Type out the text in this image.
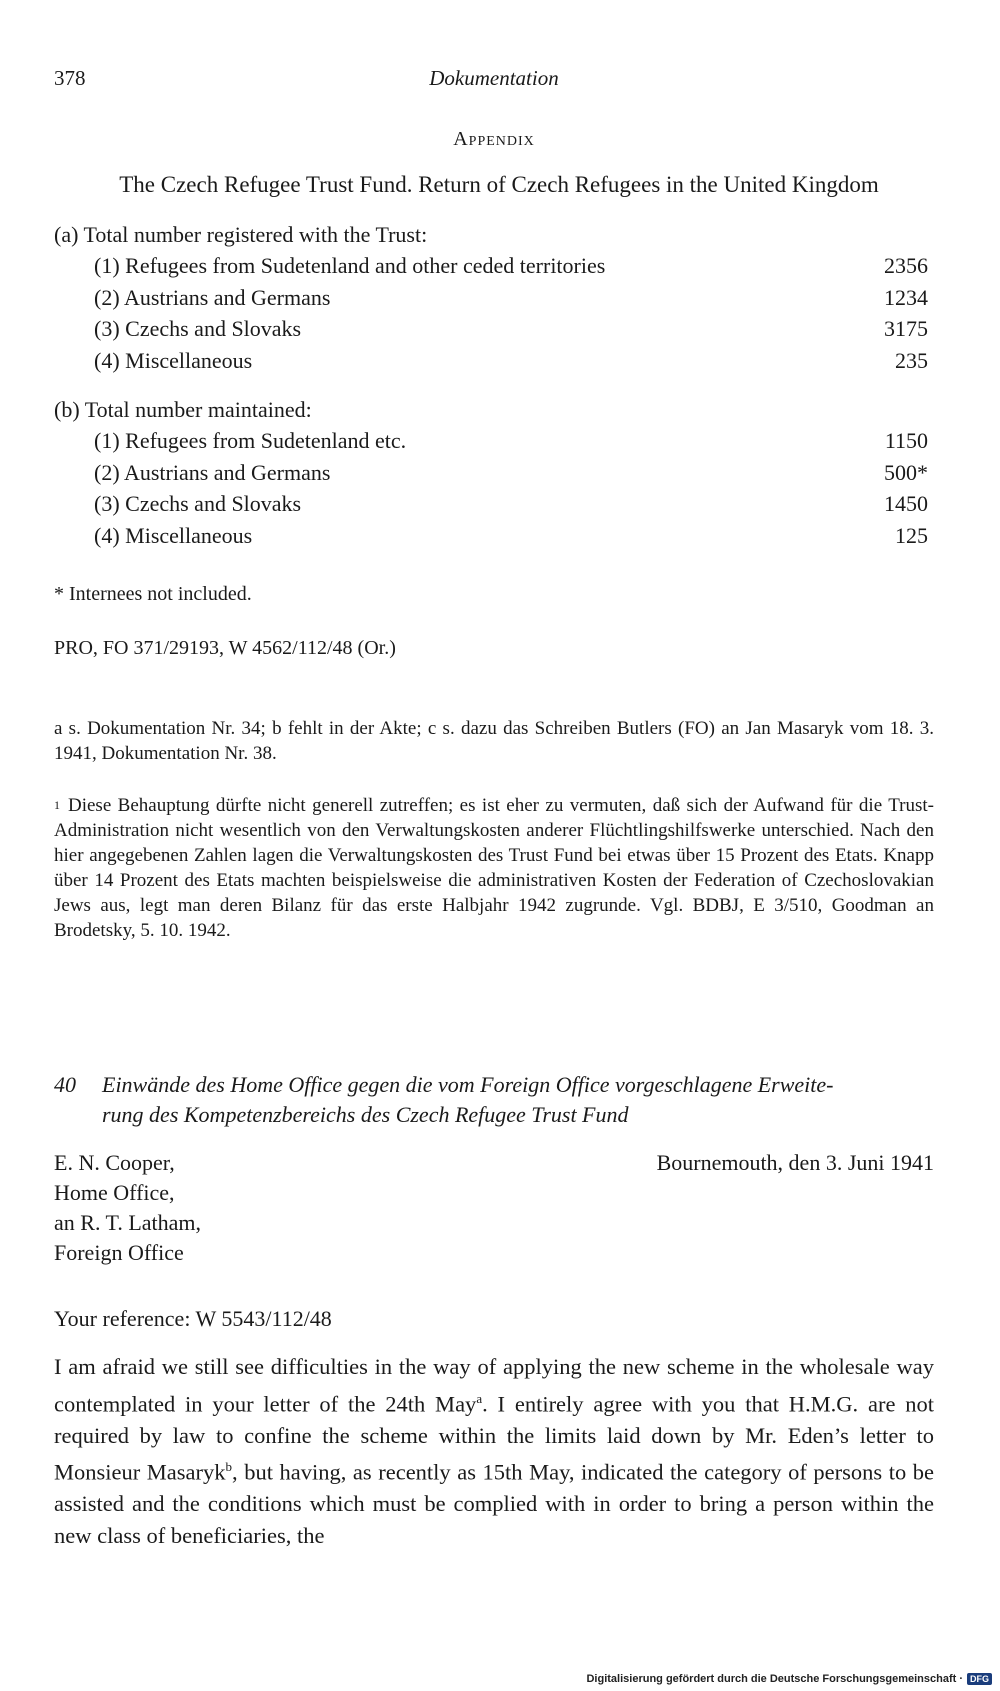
378	Dokumentation
Appendix
The Czech Refugee Trust Fund. Return of Czech Refugees in the United Kingdom
(a) Total number registered with the Trust:
(1) Refugees from Sudetenland and other ceded territories	2356
(2) Austrians and Germans	1234
(3) Czechs and Slovaks	3175
(4) Miscellaneous	235
(b) Total number maintained:
(1) Refugees from Sudetenland etc.	1150
(2) Austrians and Germans	500*
(3) Czechs and Slovaks	1450
(4) Miscellaneous	125
* Internees not included.
PRO, FO 371/29193, W 4562/112/48 (Or.)
a s. Dokumentation Nr. 34; b fehlt in der Akte; c s. dazu das Schreiben Butlers (FO) an Jan Masaryk vom 18. 3. 1941, Dokumentation Nr. 38.
$^1$ Diese Behauptung dürfte nicht generell zutreffen; es ist eher zu vermuten, daß sich der Aufwand für die Trust-Administration nicht wesentlich von den Verwaltungskosten anderer Flüchtlingshilfswerke unterschied. Nach den hier angegebenen Zahlen lagen die Verwaltungskosten des Trust Fund bei etwas über 15 Prozent des Etats. Knapp über 14 Prozent des Etats machten beispielsweise die administrativen Kosten der Federation of Czechoslovakian Jews aus, legt man deren Bilanz für das erste Halbjahr 1942 zugrunde. Vgl. BDBJ, E 3/510, Goodman an Brodetsky, 5. 10. 1942.
40 Einwände des Home Office gegen die vom Foreign Office vorgeschlagene Erweite-
rung des Kompetenzbereichs des Czech Refugee Trust Fund
E. N. Cooper,
Home Office,
an R. T. Latham,
Foreign Office
Bournemouth, den 3. Juni 1941
Your reference: W 5543/112/48
I am afraid we still see difficulties in the way of applying the new scheme in the wholesale way contemplated in your letter of the 24th May$^a$. I entirely agree with you that H.M.G. are not required by law to confine the scheme within the limits laid down by Mr. Eden’s letter to Monsieur Masaryk$^b$, but having, as recently as 15th May, indicated the category of persons to be assisted and the conditions which must be complied with in order to bring a person within the new class of beneficiaries, the
Digitalisierung gefördert durch die Deutsche Forschungsgemeinschaft · DFG
